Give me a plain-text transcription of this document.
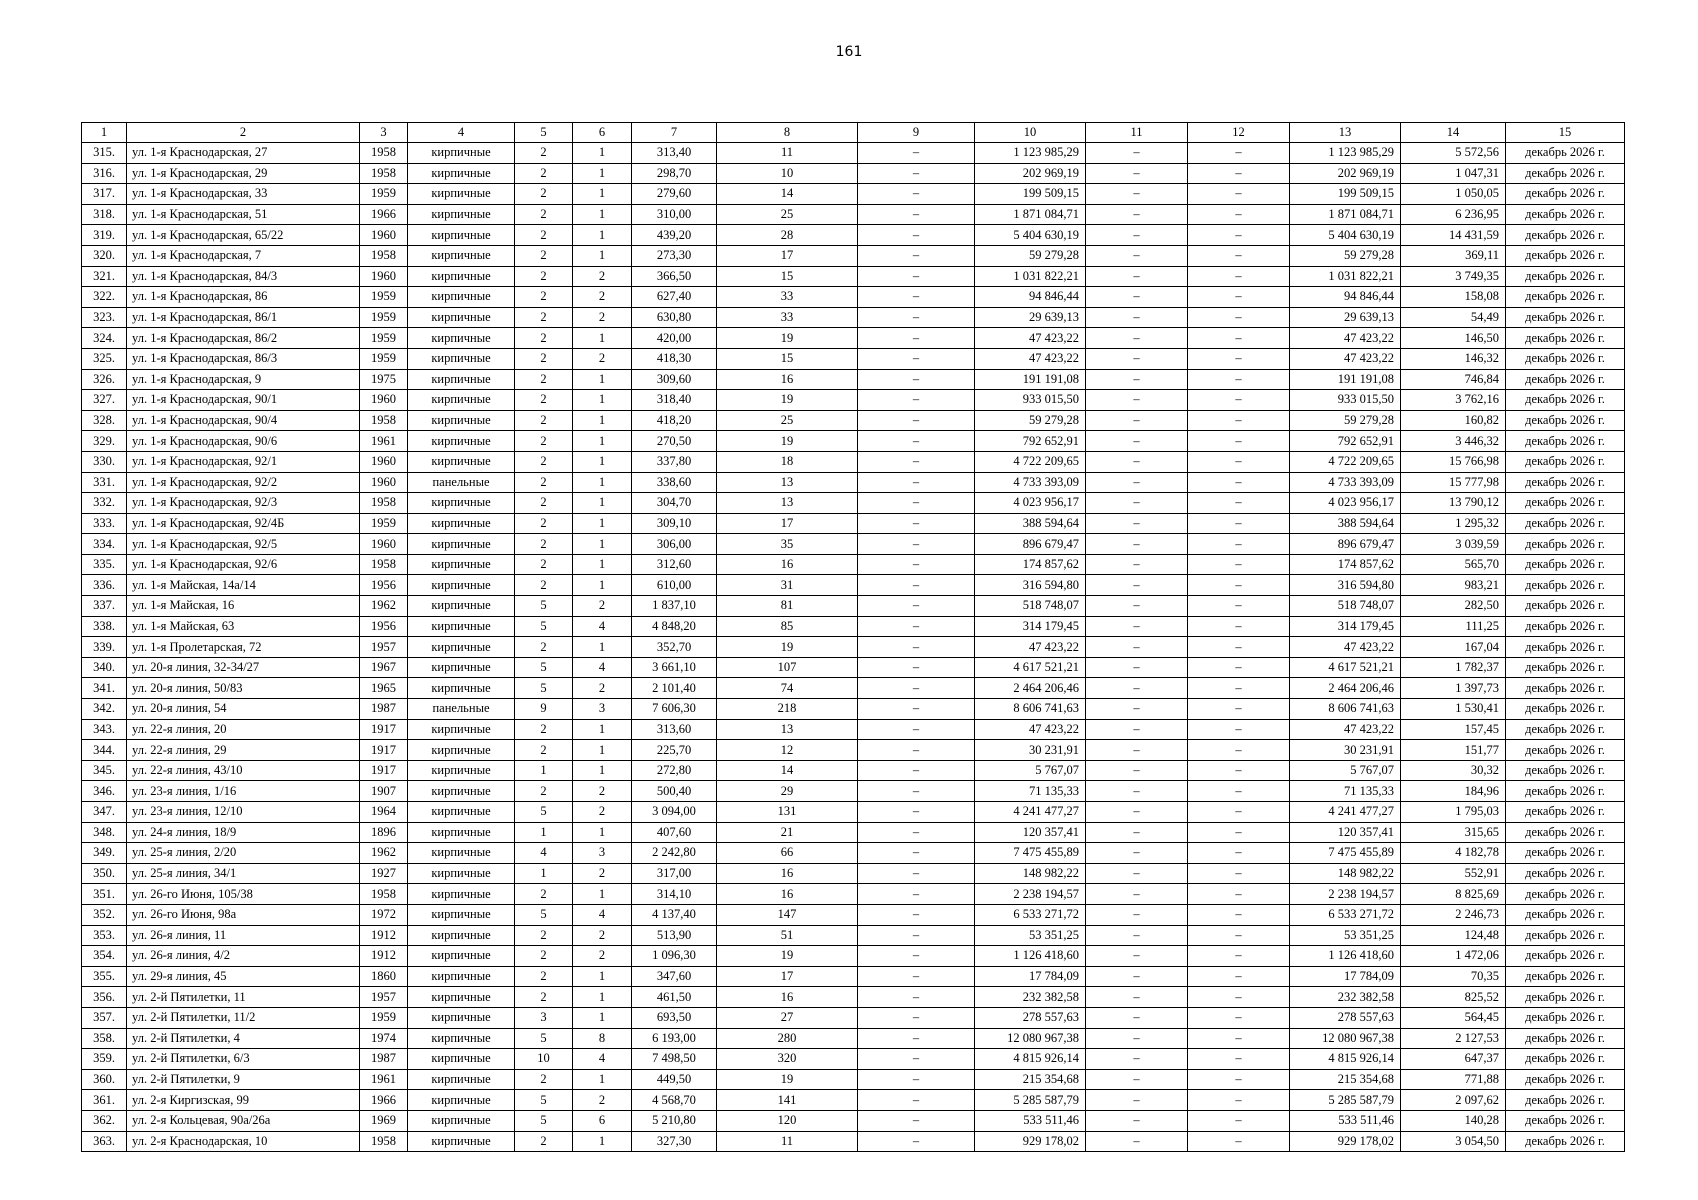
161
1	2	3	4	5	6	7	8	9	10	11	12	13	14	15
315.	ул. 1-я Краснодарская, 27	1958	кирпичные	2	1	313,40	11	–	1 123 985,29	–	–	1 123 985,29	5 572,56	декабрь 2026 г.
316.	ул. 1-я Краснодарская, 29	1958	кирпичные	2	1	298,70	10	–	202 969,19	–	–	202 969,19	1 047,31	декабрь 2026 г.
317.	ул. 1-я Краснодарская, 33	1959	кирпичные	2	1	279,60	14	–	199 509,15	–	–	199 509,15	1 050,05	декабрь 2026 г.
318.	ул. 1-я Краснодарская, 51	1966	кирпичные	2	1	310,00	25	–	1 871 084,71	–	–	1 871 084,71	6 236,95	декабрь 2026 г.
319.	ул. 1-я Краснодарская, 65/22	1960	кирпичные	2	1	439,20	28	–	5 404 630,19	–	–	5 404 630,19	14 431,59	декабрь 2026 г.
320.	ул. 1-я Краснодарская, 7	1958	кирпичные	2	1	273,30	17	–	59 279,28	–	–	59 279,28	369,11	декабрь 2026 г.
321.	ул. 1-я Краснодарская, 84/3	1960	кирпичные	2	2	366,50	15	–	1 031 822,21	–	–	1 031 822,21	3 749,35	декабрь 2026 г.
322.	ул. 1-я Краснодарская, 86	1959	кирпичные	2	2	627,40	33	–	94 846,44	–	–	94 846,44	158,08	декабрь 2026 г.
323.	ул. 1-я Краснодарская, 86/1	1959	кирпичные	2	2	630,80	33	–	29 639,13	–	–	29 639,13	54,49	декабрь 2026 г.
324.	ул. 1-я Краснодарская, 86/2	1959	кирпичные	2	1	420,00	19	–	47 423,22	–	–	47 423,22	146,50	декабрь 2026 г.
325.	ул. 1-я Краснодарская, 86/3	1959	кирпичные	2	2	418,30	15	–	47 423,22	–	–	47 423,22	146,32	декабрь 2026 г.
326.	ул. 1-я Краснодарская, 9	1975	кирпичные	2	1	309,60	16	–	191 191,08	–	–	191 191,08	746,84	декабрь 2026 г.
327.	ул. 1-я Краснодарская, 90/1	1960	кирпичные	2	1	318,40	19	–	933 015,50	–	–	933 015,50	3 762,16	декабрь 2026 г.
328.	ул. 1-я Краснодарская, 90/4	1958	кирпичные	2	1	418,20	25	–	59 279,28	–	–	59 279,28	160,82	декабрь 2026 г.
329.	ул. 1-я Краснодарская, 90/6	1961	кирпичные	2	1	270,50	19	–	792 652,91	–	–	792 652,91	3 446,32	декабрь 2026 г.
330.	ул. 1-я Краснодарская, 92/1	1960	кирпичные	2	1	337,80	18	–	4 722 209,65	–	–	4 722 209,65	15 766,98	декабрь 2026 г.
331.	ул. 1-я Краснодарская, 92/2	1960	панельные	2	1	338,60	13	–	4 733 393,09	–	–	4 733 393,09	15 777,98	декабрь 2026 г.
332.	ул. 1-я Краснодарская, 92/3	1958	кирпичные	2	1	304,70	13	–	4 023 956,17	–	–	4 023 956,17	13 790,12	декабрь 2026 г.
333.	ул. 1-я Краснодарская, 92/4Б	1959	кирпичные	2	1	309,10	17	–	388 594,64	–	–	388 594,64	1 295,32	декабрь 2026 г.
334.	ул. 1-я Краснодарская, 92/5	1960	кирпичные	2	1	306,00	35	–	896 679,47	–	–	896 679,47	3 039,59	декабрь 2026 г.
335.	ул. 1-я Краснодарская, 92/6	1958	кирпичные	2	1	312,60	16	–	174 857,62	–	–	174 857,62	565,70	декабрь 2026 г.
336.	ул. 1-я Майская, 14а/14	1956	кирпичные	2	1	610,00	31	–	316 594,80	–	–	316 594,80	983,21	декабрь 2026 г.
337.	ул. 1-я Майская, 16	1962	кирпичные	5	2	1 837,10	81	–	518 748,07	–	–	518 748,07	282,50	декабрь 2026 г.
338.	ул. 1-я Майская, 63	1956	кирпичные	5	4	4 848,20	85	–	314 179,45	–	–	314 179,45	111,25	декабрь 2026 г.
339.	ул. 1-я Пролетарская, 72	1957	кирпичные	2	1	352,70	19	–	47 423,22	–	–	47 423,22	167,04	декабрь 2026 г.
340.	ул. 20-я линия, 32-34/27	1967	кирпичные	5	4	3 661,10	107	–	4 617 521,21	–	–	4 617 521,21	1 782,37	декабрь 2026 г.
341.	ул. 20-я линия, 50/83	1965	кирпичные	5	2	2 101,40	74	–	2 464 206,46	–	–	2 464 206,46	1 397,73	декабрь 2026 г.
342.	ул. 20-я линия, 54	1987	панельные	9	3	7 606,30	218	–	8 606 741,63	–	–	8 606 741,63	1 530,41	декабрь 2026 г.
343.	ул. 22-я линия, 20	1917	кирпичные	2	1	313,60	13	–	47 423,22	–	–	47 423,22	157,45	декабрь 2026 г.
344.	ул. 22-я линия, 29	1917	кирпичные	2	1	225,70	12	–	30 231,91	–	–	30 231,91	151,77	декабрь 2026 г.
345.	ул. 22-я линия, 43/10	1917	кирпичные	1	1	272,80	14	–	5 767,07	–	–	5 767,07	30,32	декабрь 2026 г.
346.	ул. 23-я линия, 1/16	1907	кирпичные	2	2	500,40	29	–	71 135,33	–	–	71 135,33	184,96	декабрь 2026 г.
347.	ул. 23-я линия, 12/10	1964	кирпичные	5	2	3 094,00	131	–	4 241 477,27	–	–	4 241 477,27	1 795,03	декабрь 2026 г.
348.	ул. 24-я линия, 18/9	1896	кирпичные	1	1	407,60	21	–	120 357,41	–	–	120 357,41	315,65	декабрь 2026 г.
349.	ул. 25-я линия, 2/20	1962	кирпичные	4	3	2 242,80	66	–	7 475 455,89	–	–	7 475 455,89	4 182,78	декабрь 2026 г.
350.	ул. 25-я линия, 34/1	1927	кирпичные	1	2	317,00	16	–	148 982,22	–	–	148 982,22	552,91	декабрь 2026 г.
351.	ул. 26-го Июня, 105/38	1958	кирпичные	2	1	314,10	16	–	2 238 194,57	–	–	2 238 194,57	8 825,69	декабрь 2026 г.
352.	ул. 26-го Июня, 98а	1972	кирпичные	5	4	4 137,40	147	–	6 533 271,72	–	–	6 533 271,72	2 246,73	декабрь 2026 г.
353.	ул. 26-я линия, 11	1912	кирпичные	2	2	513,90	51	–	53 351,25	–	–	53 351,25	124,48	декабрь 2026 г.
354.	ул. 26-я линия, 4/2	1912	кирпичные	2	2	1 096,30	19	–	1 126 418,60	–	–	1 126 418,60	1 472,06	декабрь 2026 г.
355.	ул. 29-я линия, 45	1860	кирпичные	2	1	347,60	17	–	17 784,09	–	–	17 784,09	70,35	декабрь 2026 г.
356.	ул. 2-й Пятилетки, 11	1957	кирпичные	2	1	461,50	16	–	232 382,58	–	–	232 382,58	825,52	декабрь 2026 г.
357.	ул. 2-й Пятилетки, 11/2	1959	кирпичные	3	1	693,50	27	–	278 557,63	–	–	278 557,63	564,45	декабрь 2026 г.
358.	ул. 2-й Пятилетки, 4	1974	кирпичные	5	8	6 193,00	280	–	12 080 967,38	–	–	12 080 967,38	2 127,53	декабрь 2026 г.
359.	ул. 2-й Пятилетки, 6/3	1987	кирпичные	10	4	7 498,50	320	–	4 815 926,14	–	–	4 815 926,14	647,37	декабрь 2026 г.
360.	ул. 2-й Пятилетки, 9	1961	кирпичные	2	1	449,50	19	–	215 354,68	–	–	215 354,68	771,88	декабрь 2026 г.
361.	ул. 2-я Киргизская, 99	1966	кирпичные	5	2	4 568,70	141	–	5 285 587,79	–	–	5 285 587,79	2 097,62	декабрь 2026 г.
362.	ул. 2-я Кольцевая, 90а/26а	1969	кирпичные	5	6	5 210,80	120	–	533 511,46	–	–	533 511,46	140,28	декабрь 2026 г.
363.	ул. 2-я Краснодарская, 10	1958	кирпичные	2	1	327,30	11	–	929 178,02	–	–	929 178,02	3 054,50	декабрь 2026 г.
